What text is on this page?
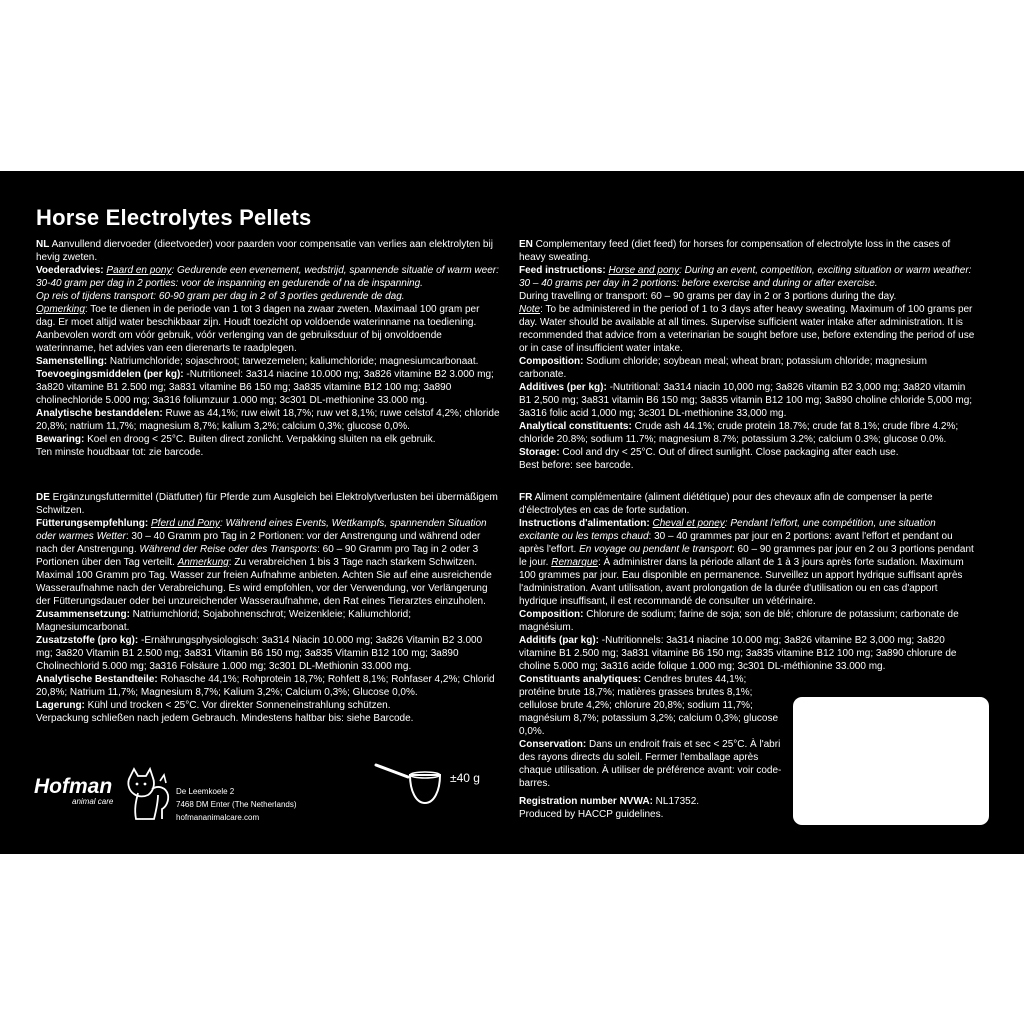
Horse Electrolytes Pellets

NL Aanvullend diervoeder (dieetvoeder) voor paarden voor compensatie van verlies aan elektrolyten bij hevig zweten.

Voederadvies: Paard en pony: Gedurende een evenement, wedstrijd, spannende situatie of warm weer: 30-40 gram per dag in 2 porties: voor de inspanning en gedurende of na de inspanning.

Op reis of tijdens transport: 60-90 gram per dag in 2 of 3 porties gedurende de dag.

Opmerking: Toe te dienen in de periode van 1 tot 3 dagen na zwaar zweten. Maximaal 100 gram per dag. Er moet altijd water beschikbaar zijn. Houdt toezicht op voldoende waterinname na toediening. Aanbevolen wordt om vóór gebruik, vóór verlenging van de gebruiksduur of bij onvoldoende waterinname, het advies van een dierenarts te raadplegen.

Samenstelling: Natriumchloride; sojaschroot; tarwezemelen; kaliumchloride; magnesiumcarbonaat.

Toevoegingsmiddelen (per kg): -Nutritioneel: 3a314 niacine 10.000 mg; 3a826 vitamine B2 3.000 mg; 3a820 vitamine B1 2.500 mg; 3a831 vitamine B6 150 mg; 3a835 vitamine B12 100 mg; 3a890 cholinechloride 5.000 mg; 3a316 foliumzuur 1.000 mg; 3c301 DL-methionine 33.000 mg.

Analytische bestanddelen: Ruwe as 44,1%; ruw eiwit 18,7%; ruw vet 8,1%; ruwe celstof 4,2%; chloride 20,8%; natrium 11,7%; magnesium 8,7%; kalium 3,2%; calcium 0,3%; glucose 0,0%.

Bewaring: Koel en droog < 25°C. Buiten direct zonlicht. Verpakking sluiten na elk gebruik.

Ten minste houdbaar tot: zie barcode.

EN Complementary feed (diet feed) for horses for compensation of electrolyte loss in the cases of heavy sweating.

Feed instructions: Horse and pony: During an event, competition, exciting situation or warm weather: 30 – 40 grams per day in 2 portions: before exercise and during or after exercise.

During travelling or transport: 60 – 90 grams per day in 2 or 3 portions during the day.

Note: To be administered in the period of 1 to 3 days after heavy sweating. Maximum of 100 grams per day. Water should be available at all times. Supervise sufficient water intake after administration. It is recommended that advice from a veterinarian be sought before use, before extending the period of use or in case of insufficient water intake.

Composition: Sodium chloride; soybean meal; wheat bran; potassium chloride; magnesium carbonate.

Additives (per kg): -Nutritional: 3a314 niacin 10,000 mg; 3a826 vitamin B2 3,000 mg; 3a820 vitamin B1 2,500 mg; 3a831 vitamin B6 150 mg; 3a835 vitamin B12 100 mg; 3a890 choline chloride 5,000 mg; 3a316 folic acid 1,000 mg; 3c301 DL-methionine 33,000 mg.

Analytical constituents: Crude ash 44.1%; crude protein 18.7%; crude fat 8.1%; crude fibre 4.2%; chloride 20.8%; sodium 11.7%; magnesium 8.7%; potassium 3.2%; calcium 0.3%; glucose 0.0%.

Storage: Cool and dry < 25°C. Out of direct sunlight. Close packaging after each use.

Best before: see barcode.

DE Ergänzungsfuttermittel (Diätfutter) für Pferde zum Ausgleich bei Elektrolytverlusten bei übermäßigem Schwitzen.

Fütterungsempfehlung: Pferd und Pony: Während eines Events, Wettkampfs, spannenden Situation oder warmes Wetter: 30 – 40 Gramm pro Tag in 2 Portionen: vor der Anstrengung und während oder nach der Anstrengung. Während der Reise oder des Transports: 60 – 90 Gramm pro Tag in 2 oder 3 Portionen über den Tag verteilt. Anmerkung: Zu verabreichen 1 bis 3 Tage nach starkem Schwitzen. Maximal 100 Gramm pro Tag. Wasser zur freien Aufnahme anbieten. Achten Sie auf eine ausreichende Wasseraufnahme nach der Verabreichung. Es wird empfohlen, vor der Verwendung, vor Verlängerung der Fütterungsdauer oder bei unzureichender Wasseraufnahme, den Rat eines Tierarztes einzuholen.

Zusammensetzung: Natriumchlorid; Sojabohnenschrot; Weizenkleie; Kaliumchlorid; Magnesiumcarbonat.

Zusatzstoffe (pro kg): -Ernährungsphysiologisch: 3a314 Niacin 10.000 mg; 3a826 Vitamin B2 3.000 mg; 3a820 Vitamin B1 2.500 mg; 3a831 Vitamin B6 150 mg; 3a835 Vitamin B12 100 mg; 3a890 Cholinechlorid 5.000 mg; 3a316 Folsäure 1.000 mg; 3c301 DL-Methionin 33.000 mg.

Analytische Bestandteile: Rohasche 44,1%; Rohprotein 18,7%; Rohfett 8,1%; Rohfaser 4,2%; Chlorid 20,8%; Natrium 11,7%; Magnesium 8,7%; Kalium 3,2%; Calcium 0,3%; Glucose 0,0%.

Lagerung: Kühl und trocken < 25°C. Vor direkter Sonneneinstrahlung schützen.

Verpackung schließen nach jedem Gebrauch. Mindestens haltbar bis: siehe Barcode.

FR Aliment complémentaire (aliment diététique) pour des chevaux afin de compenser la perte d'électrolytes en cas de forte sudation.

Instructions d'alimentation: Cheval et poney: Pendant l'effort, une compétition, une situation excitante ou les temps chaud: 30 – 40 grammes par jour en 2 portions: avant l'effort et pendant ou après l'effort. En voyage ou pendant le transport: 60 – 90 grammes par jour en 2 ou 3 portions pendant le jour. Remarque: À administrer dans la période allant de 1 à 3 jours après forte sudation. Maximum 100 grammes par jour. Eau disponible en permanence. Surveillez un apport hydrique suffisant après l'administration. Avant utilisation, avant prolongation de la durée d'utilisation ou en cas d'apport hydrique insuffisant, il est recommandé de consulter un vétérinaire.

Composition: Chlorure de sodium; farine de soja; son de blé; chlorure de potassium; carbonate de magnésium.

Additifs (par kg): -Nutritionnels: 3a314 niacine 10.000 mg; 3a826 vitamine B2 3,000 mg; 3a820 vitamine B1 2.500 mg; 3a831 vitamine B6 150 mg; 3a835 vitamine B12 100 mg; 3a890 chlorure de choline 5.000 mg; 3a316 acide folique 1.000 mg; 3c301 DL-méthionine 33.000 mg.

Constituants analytiques: Cendres brutes 44,1%; protéine brute 18,7%; matières grasses brutes 8,1%; cellulose brute 4,2%; chlorure 20,8%; sodium 11,7%; magnésium 8,7%; potassium 3,2%; calcium 0,3%; glucose 0,0%.

Conservation: Dans un endroit frais et sec < 25°C. À l'abri des rayons directs du soleil. Fermer l'emballage après chaque utilisation. À utiliser de préférence avant: voir code-barres.

Hofman

animal care

De Leemkoele 2

7468 DM Enter (The Netherlands)

hofmananimalcare.com

±40 g

Registration number NVWA: NL17352.

Produced by HACCP guidelines.
